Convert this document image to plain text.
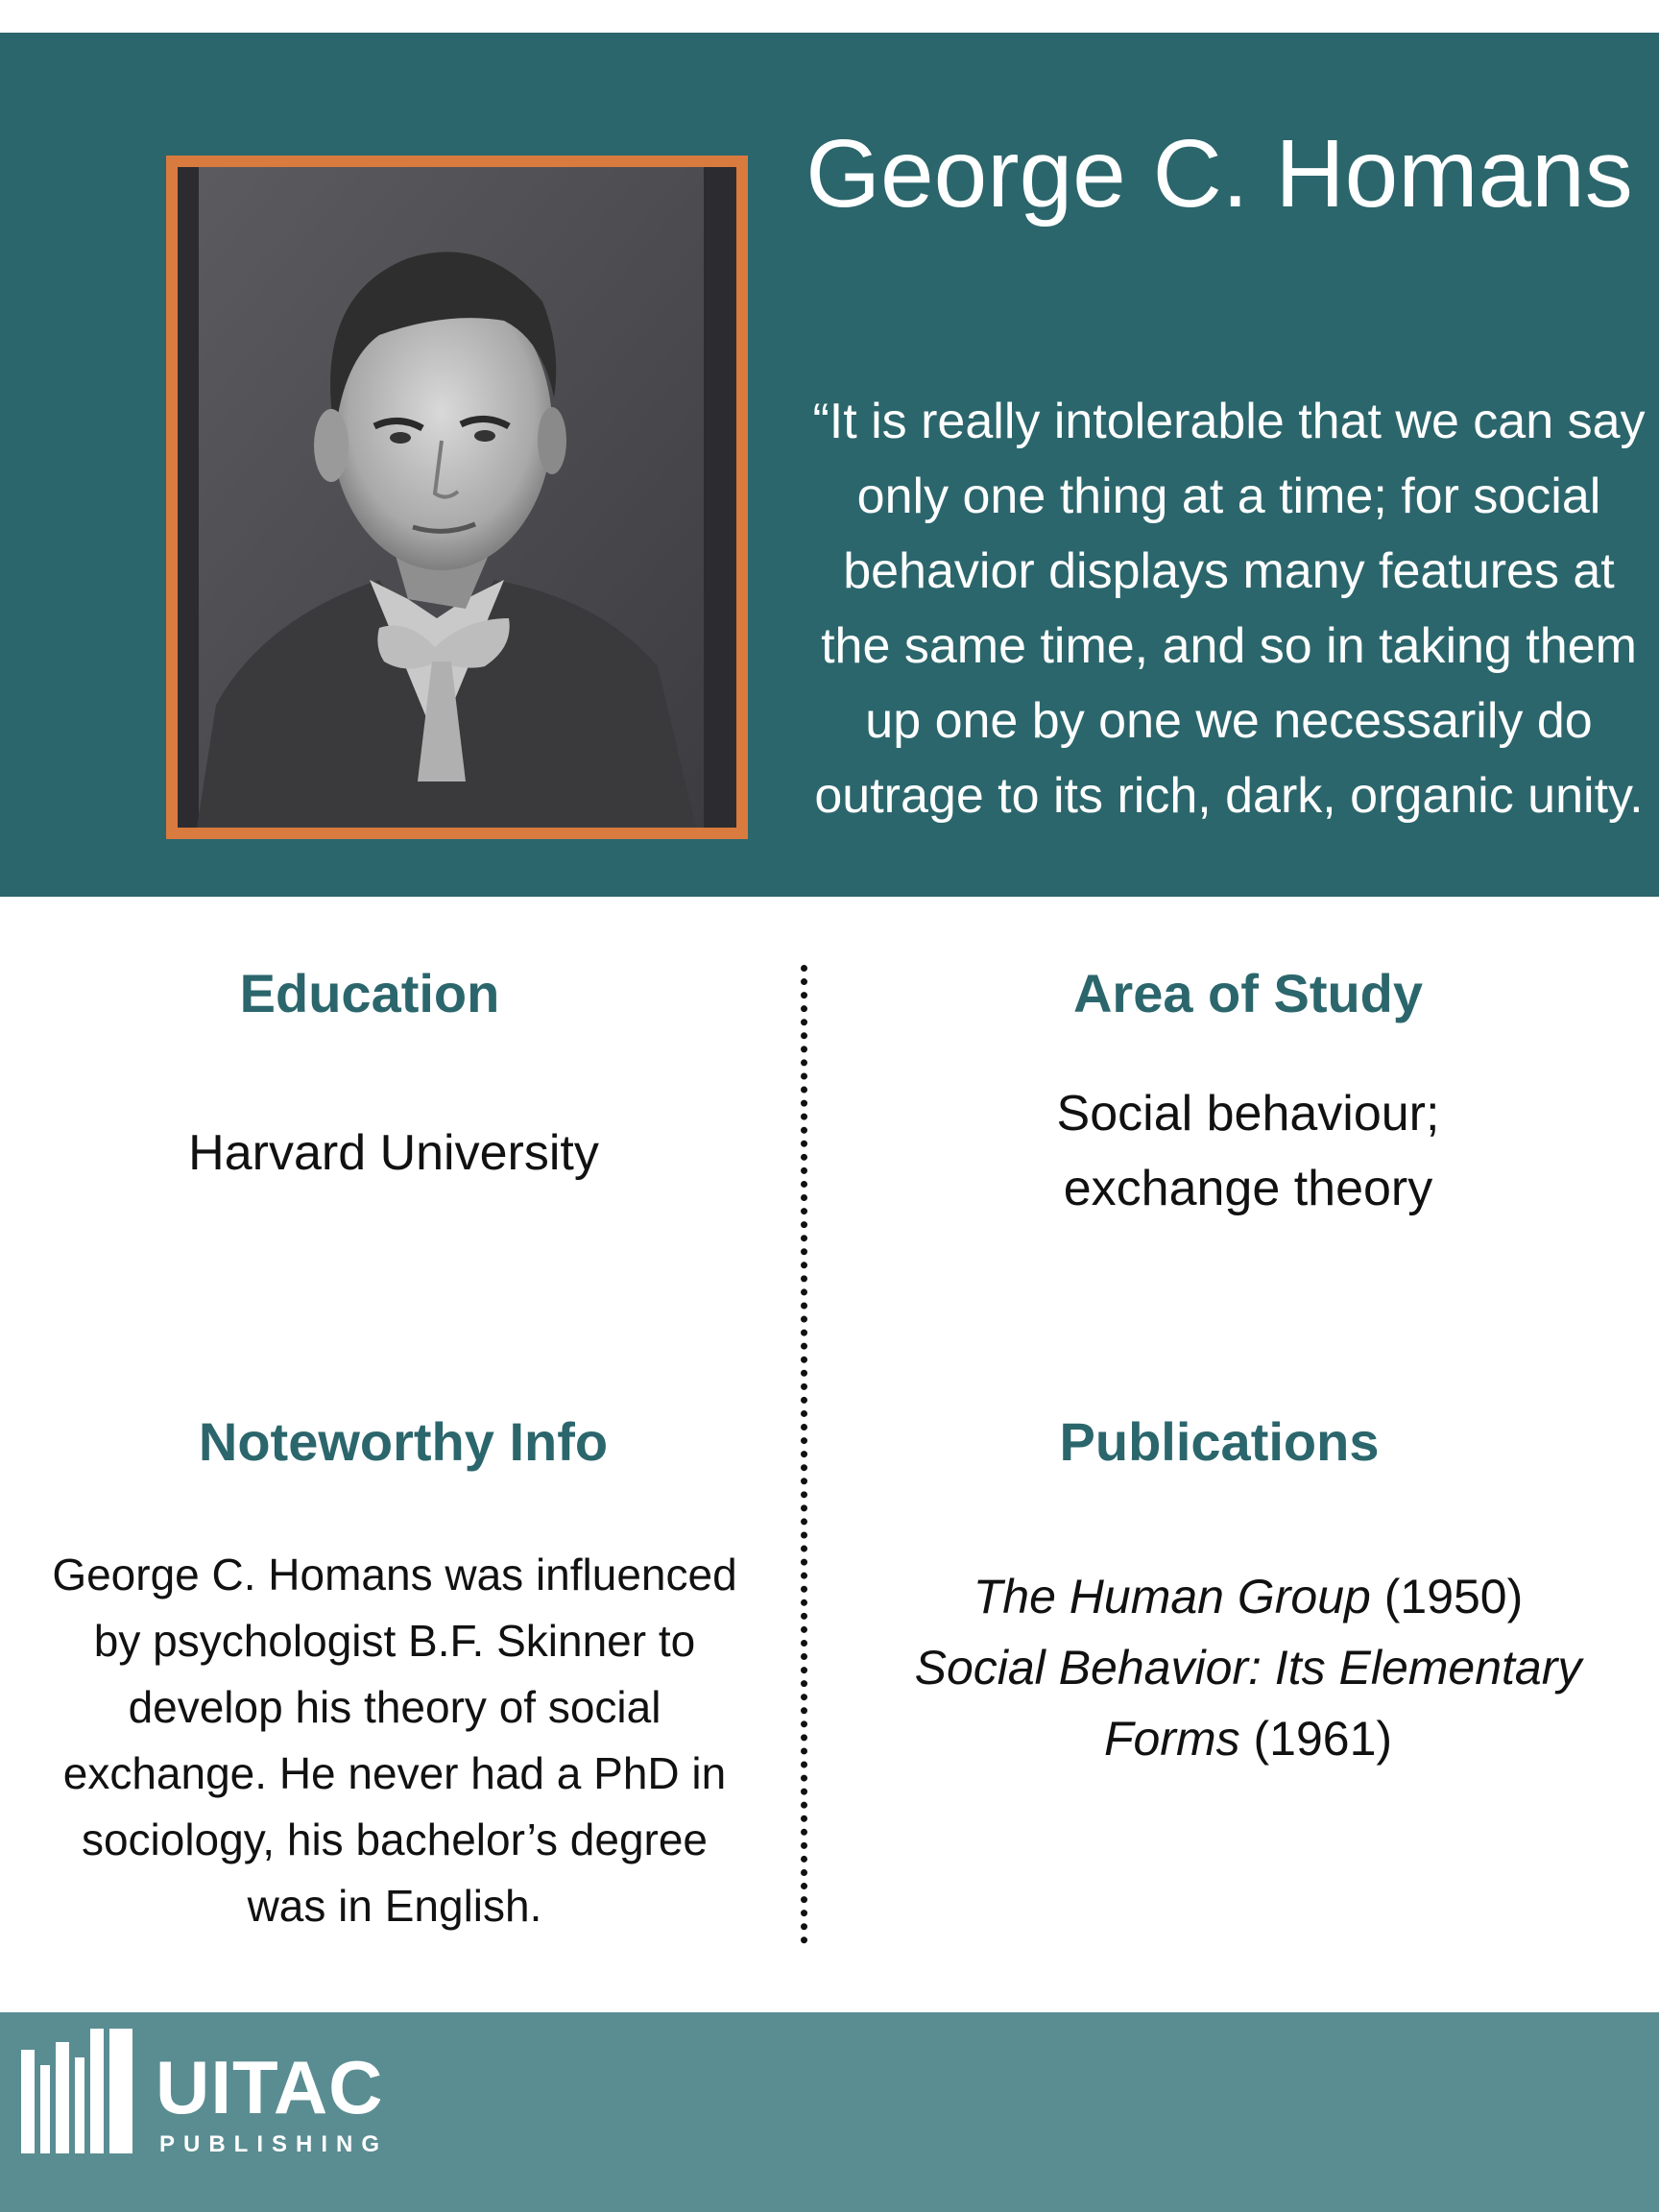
George C. Homans

“It is really intolerable that we can say only one thing at a time; for social behavior displays many features at the same time, and so in taking them up one by one we necessarily do outrage to its rich, dark, organic unity.

Education

Harvard University

Area of Study
Social behaviour;
exchange theory
Noteworthy Info

George C. Homans was influenced by psychologist B.F. Skinner to develop his theory of social exchange. He never had a PhD in sociology, his bachelor’s degree was in English.

Publications
The Human Group (1950)
Social Behavior: Its Elementary Forms (1961)
UITAC
PUBLISHING
